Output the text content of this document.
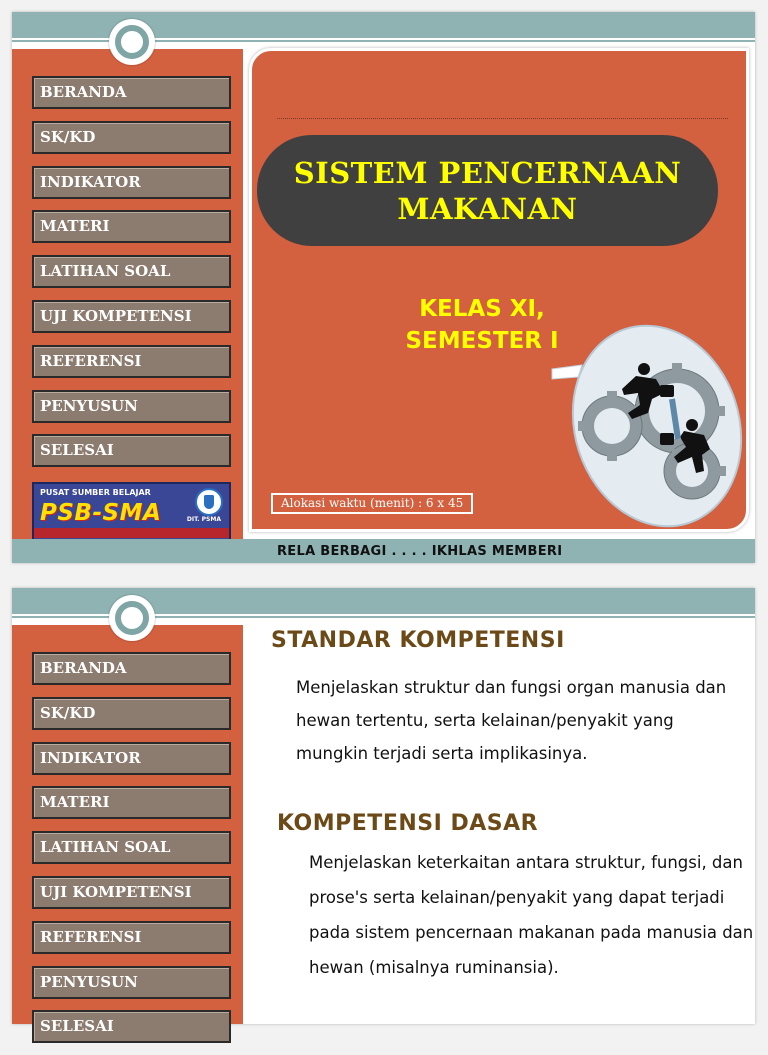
BERANDA
SK/KD
INDIKATOR
MATERI
LATIHAN SOAL
UJI KOMPETENSI
REFERENSI
PENYUSUN
SELESAI
PUSAT SUMBER BELAJAR
PSB-SMA	DIT. PSMA
SISTEM PENCERNAAN
MAKANAN
KELAS XI,
SEMESTER I
Alokasi waktu (menit) : 6 x 45
RELA BERBAGI . . . . IKHLAS MEMBERI
BERANDA
SK/KD
INDIKATOR
MATERI
LATIHAN SOAL
UJI KOMPETENSI
REFERENSI
PENYUSUN
SELESAI
STANDAR KOMPETENSI
Menjelaskan struktur dan fungsi organ manusia dan hewan tertentu, serta kelainan/penyakit yang mungkin terjadi serta implikasinya.
KOMPETENSI DASAR
Menjelaskan keterkaitan antara struktur, fungsi, dan prose's serta kelainan/penyakit yang dapat terjadi pada sistem pencernaan makanan pada manusia dan hewan (misalnya ruminansia).
